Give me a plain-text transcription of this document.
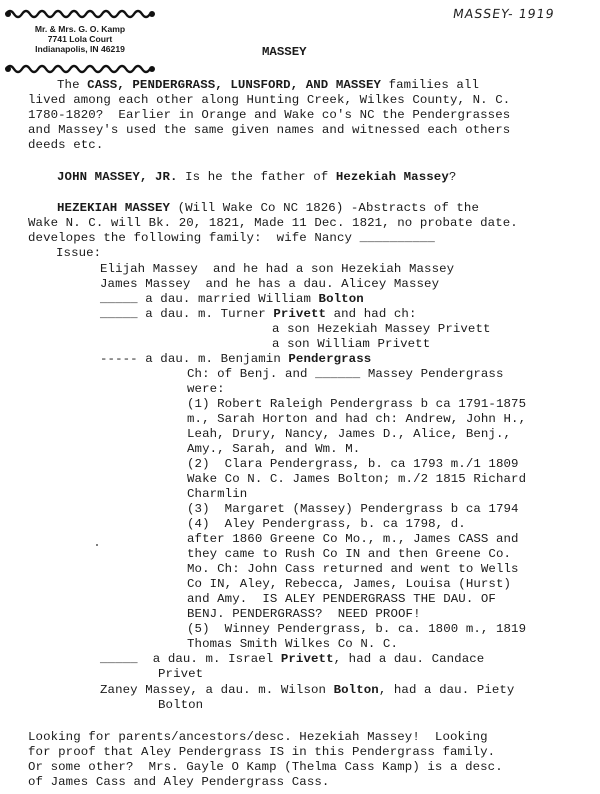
Mr. & Mrs. G. O. Kamp
7741 Lola Court
Indianapolis, IN 46219
MASSEY- 1919
MASSEY
The CASS, PENDERGRASS, LUNSFORD, AND MASSEY families all
lived among each other along Hunting Creek, Wilkes County, N. C.
1780-1820?  Earlier in Orange and Wake co's NC the Pendergrasses
and Massey's used the same given names and witnessed each others
deeds etc.
JOHN MASSEY, JR. Is he the father of Hezekiah Massey?
HEZEKIAH MASSEY (Will Wake Co NC 1826) -Abstracts of the
Wake N. C. will Bk. 20, 1821, Made 11 Dec. 1821, no probate date.
developes the following family:  wife Nancy __________
Issue:
Elijah Massey  and he had a son Hezekiah Massey
James Massey  and he has a dau. Alicey Massey
_____ a dau. married William Bolton
_____ a dau. m. Turner Privett and had ch:
a son Hezekiah Massey Privett
a son William Privett
----- a dau. m. Benjamin Pendergrass
Ch: of Benj. and ______ Massey Pendergrass
were:
(1) Robert Raleigh Pendergrass b ca 1791-1875
m., Sarah Horton and had ch: Andrew, John H.,
Leah, Drury, Nancy, James D., Alice, Benj.,
Amy., Sarah, and Wm. M.
(2)  Clara Pendergrass, b. ca 1793 m./1 1809
Wake Co N. C. James Bolton; m./2 1815 Richard
Charmlin
(3)  Margaret (Massey) Pendergrass b ca 1794
(4)  Aley Pendergrass, b. ca 1798, d.
after 1860 Greene Co Mo., m., James CASS and
they came to Rush Co IN and then Greene Co.
Mo. Ch: John Cass returned and went to Wells
Co IN, Aley, Rebecca, James, Louisa (Hurst)
and Amy.  IS ALEY PENDERGRASS THE DAU. OF
BENJ. PENDERGRASS?  NEED PROOF!
(5)  Winney Pendergrass, b. ca. 1800 m., 1819
Thomas Smith Wilkes Co N. C.
_____  a dau. m. Israel Privett, had a dau. Candace
Privet
Zaney Massey, a dau. m. Wilson Bolton, had a dau. Piety
Bolton
Looking for parents/ancestors/desc. Hezekiah Massey!  Looking
for proof that Aley Pendergrass IS in this Pendergrass family.
Or some other?  Mrs. Gayle O Kamp (Thelma Cass Kamp) is a desc.
of James Cass and Aley Pendergrass Cass.
